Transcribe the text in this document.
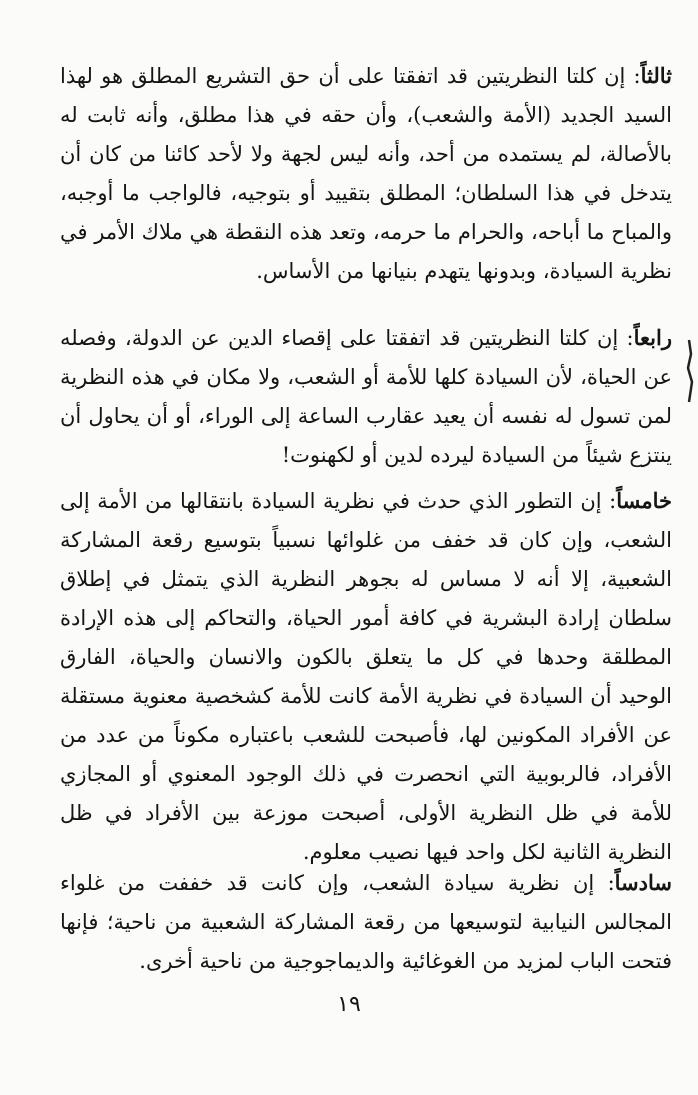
ثالثاً: إن كلتا النظريتين قد اتفقتا على أن حق التشريع المطلق هو لهذا السيد الجديد (الأمة والشعب)، وأن حقه في هذا مطلق، وأنه ثابت له بالأصالة، لم يستمده من أحد، وأنه ليس لجهة ولا لأحد كائنا من كان أن يتدخل في هذا السلطان؛ المطلق بتقييد أو بتوجيه، فالواجب ما أوجبه، والمباح ما أباحه، والحرام ما حرمه، وتعد هذه النقطة هي ملاك الأمر في نظرية السيادة، وبدونها يتهدم بنيانها من الأساس.

رابعاً: إن كلتا النظريتين قد اتفقتا على إقصاء الدين عن الدولة، وفصله عن الحياة، لأن السيادة كلها للأمة أو الشعب، ولا مكان في هذه النظرية لمن تسول له نفسه أن يعيد عقارب الساعة إلى الوراء، أو أن يحاول أن ينتزع شيئاً من السيادة ليرده لدين أو لكهنوت!

خامساً: إن التطور الذي حدث في نظرية السيادة بانتقالها من الأمة إلى الشعب، وإن كان قد خفف من غلوائها نسبياً بتوسيع رقعة المشاركة الشعبية، إلا أنه لا مساس له بجوهر النظرية الذي يتمثل في إطلاق سلطان إرادة البشرية في كافة أمور الحياة، والتحاكم إلى هذه الإرادة المطلقة وحدها في كل ما يتعلق بالكون والانسان والحياة، الفارق الوحيد أن السيادة في نظرية الأمة كانت للأمة كشخصية معنوية مستقلة عن الأفراد المكونين لها، فأصبحت للشعب باعتباره مكوناً من عدد من الأفراد، فالربوبية التي انحصرت في ذلك الوجود المعنوي أو المجازي للأمة في ظل النظرية الأولى، أصبحت موزعة بين الأفراد في ظل النظرية الثانية لكل واحد فيها نصيب معلوم.

سادساً: إن نظرية سيادة الشعب، وإن كانت قد خففت من غلواء المجالس النيابية لتوسيعها من رقعة المشاركة الشعبية من ناحية؛ فإنها فتحت الباب لمزيد من الغوغائية والديماجوجية من ناحية أخرى.

١٩
